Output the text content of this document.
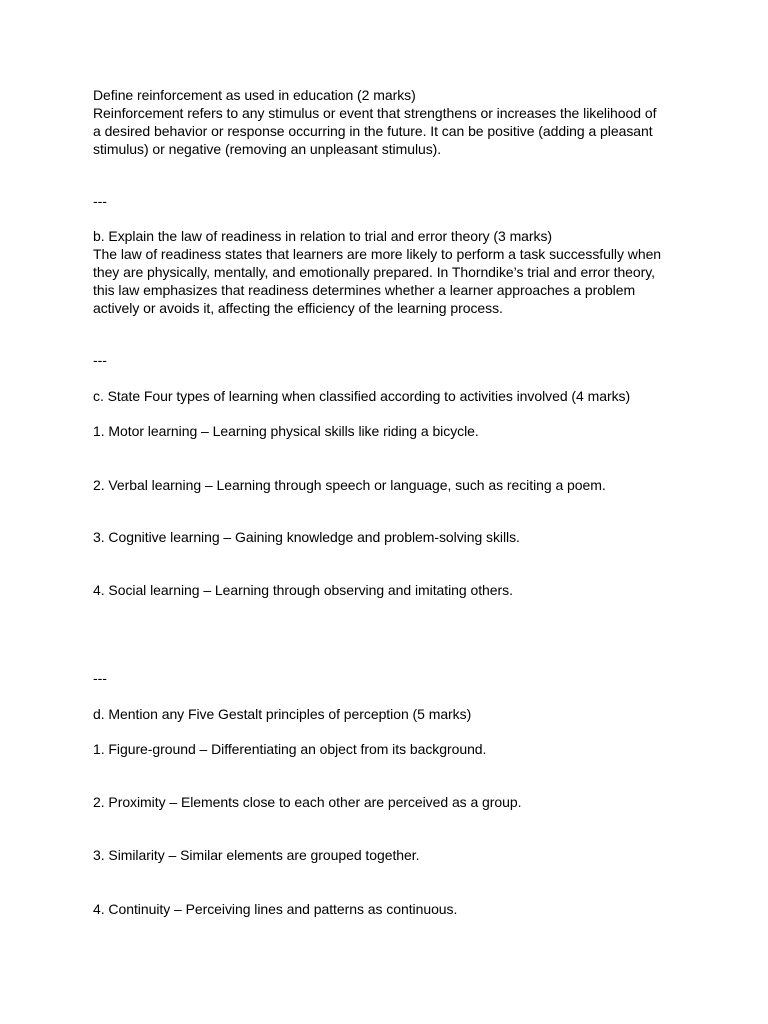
Define reinforcement as used in education (2 marks)
Reinforcement refers to any stimulus or event that strengthens or increases the likelihood of
a desired behavior or response occurring in the future. It can be positive (adding a pleasant
stimulus) or negative (removing an unpleasant stimulus).
---
b. Explain the law of readiness in relation to trial and error theory (3 marks)
The law of readiness states that learners are more likely to perform a task successfully when
they are physically, mentally, and emotionally prepared. In Thorndike’s trial and error theory,
this law emphasizes that readiness determines whether a learner approaches a problem
actively or avoids it, affecting the efficiency of the learning process.
---
c. State Four types of learning when classified according to activities involved (4 marks)
1. Motor learning – Learning physical skills like riding a bicycle.
2. Verbal learning – Learning through speech or language, such as reciting a poem.
3. Cognitive learning – Gaining knowledge and problem-solving skills.
4. Social learning – Learning through observing and imitating others.
---
d. Mention any Five Gestalt principles of perception (5 marks)
1. Figure-ground – Differentiating an object from its background.
2. Proximity – Elements close to each other are perceived as a group.
3. Similarity – Similar elements are grouped together.
4. Continuity – Perceiving lines and patterns as continuous.
